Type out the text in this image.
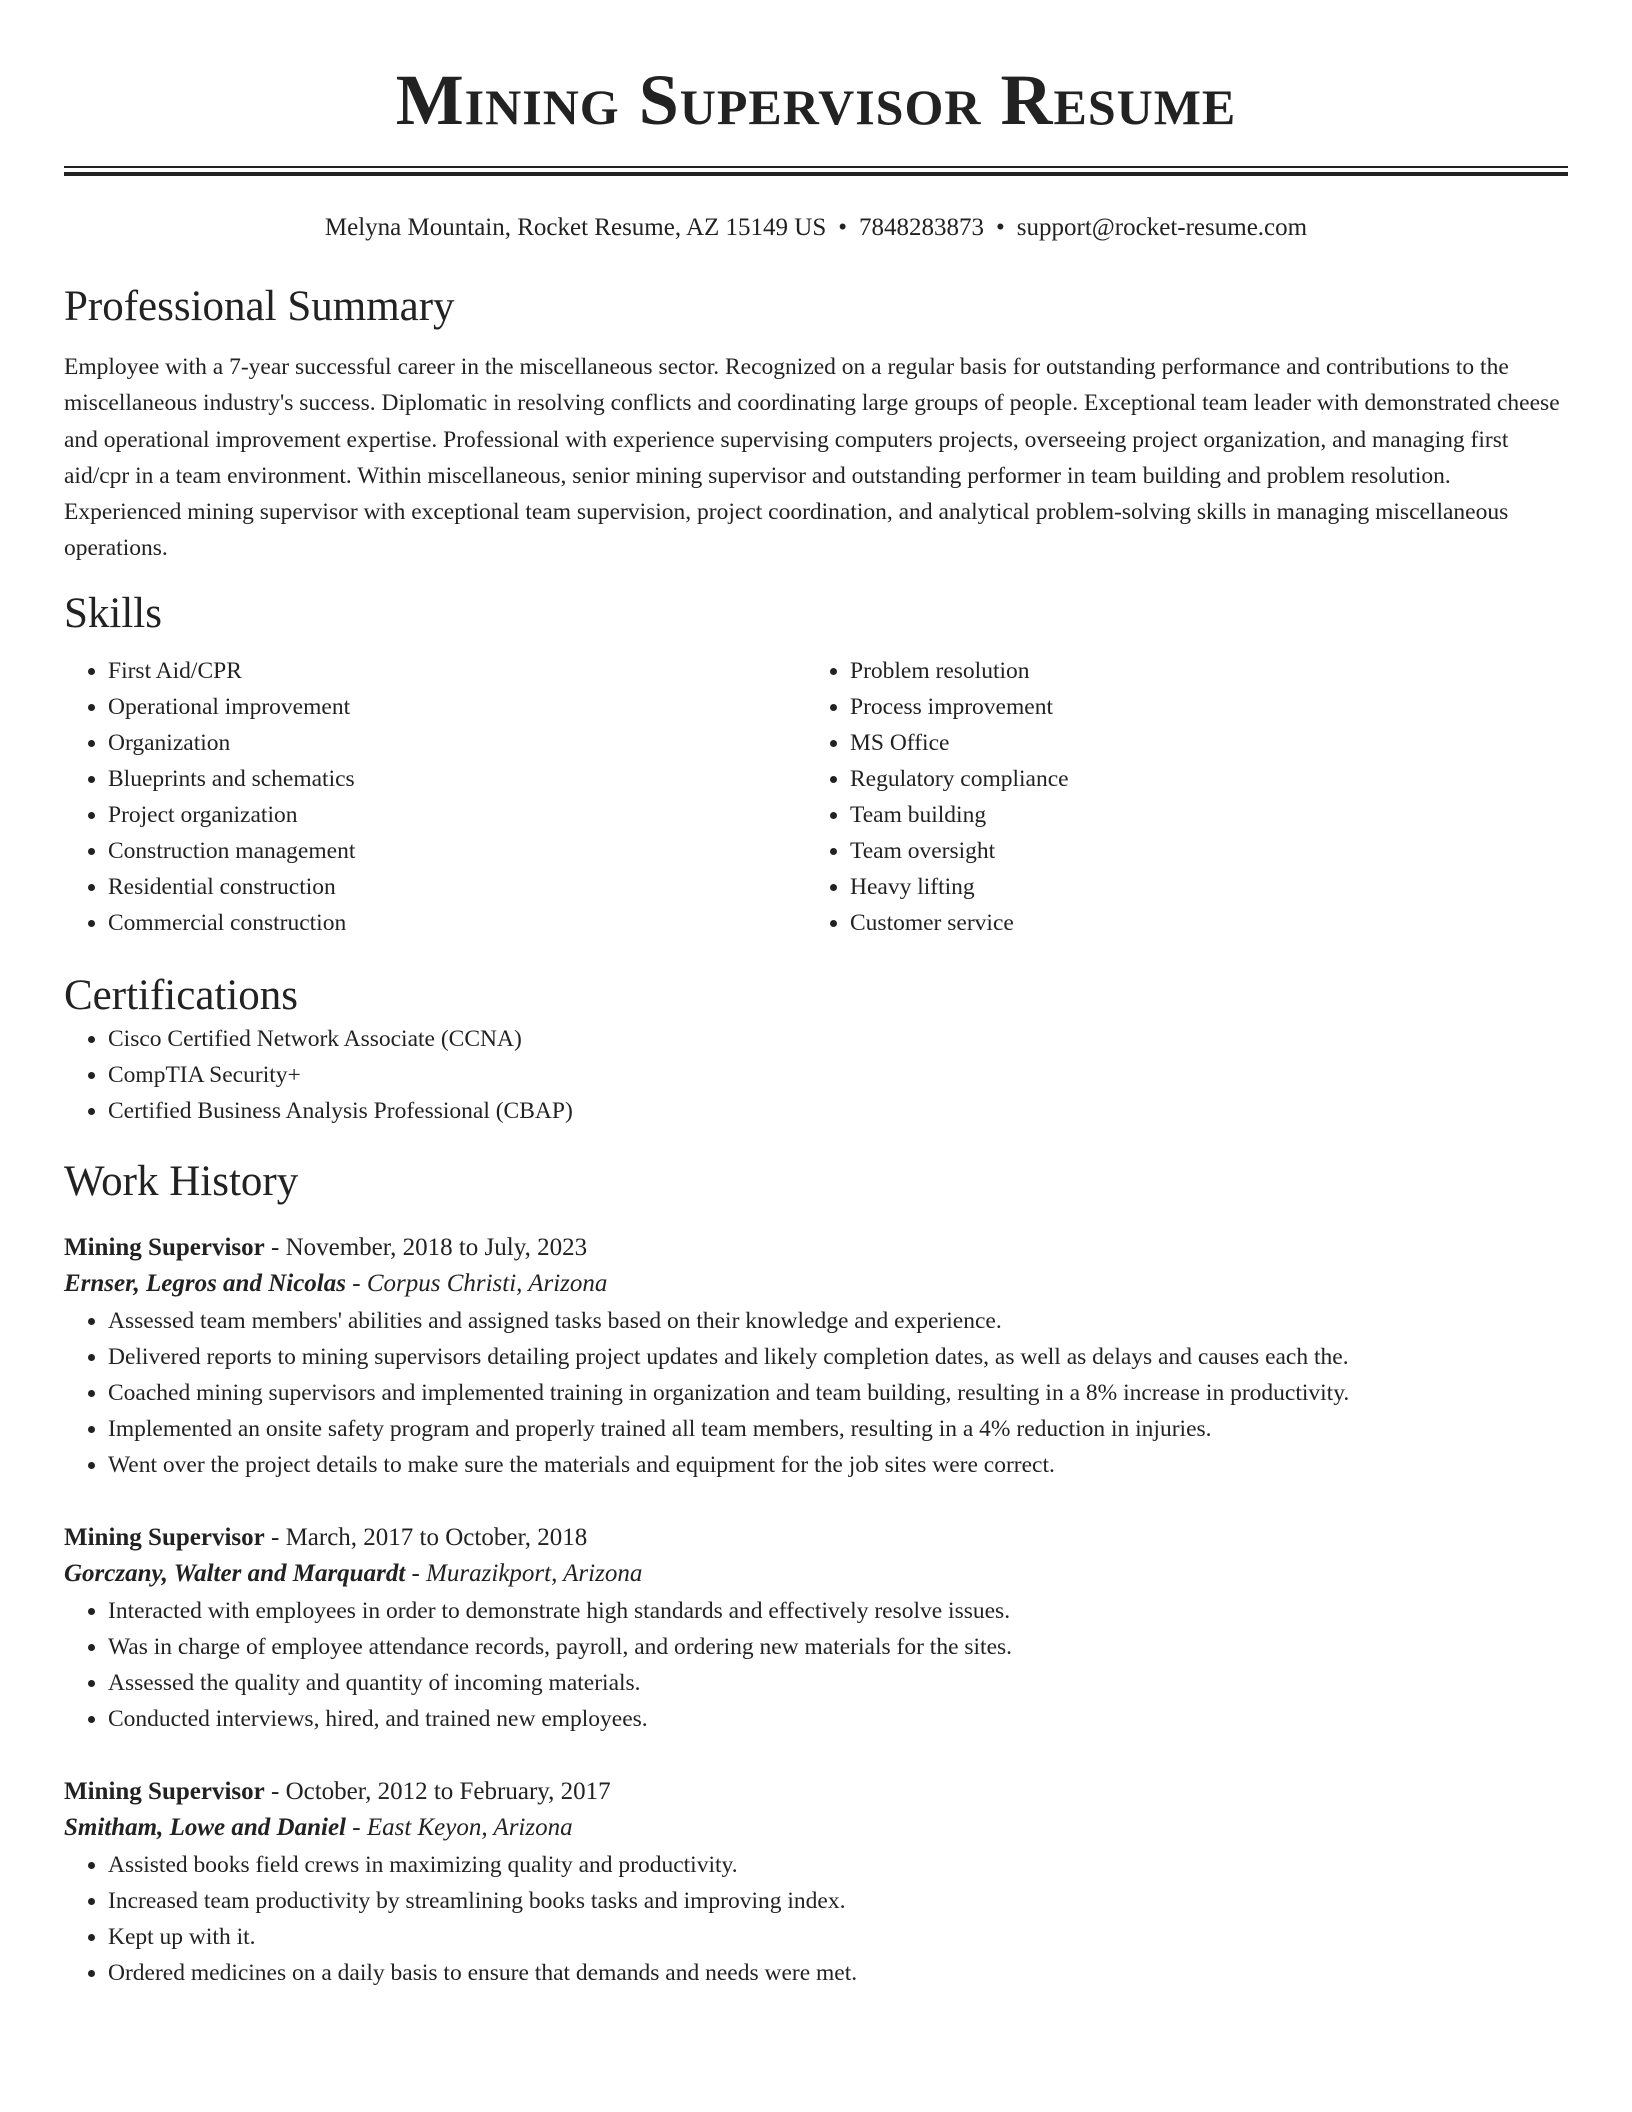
Mining Supervisor Resume
Melyna Mountain, Rocket Resume, AZ 15149 US • 7848283873 • support@rocket-resume.com
Professional Summary

Employee with a 7-year successful career in the miscellaneous sector. Recognized on a regular basis for outstanding performance and contributions to the miscellaneous industry's success. Diplomatic in resolving conflicts and coordinating large groups of people. Exceptional team leader with demonstrated cheese and operational improvement expertise. Professional with experience supervising computers projects, overseeing project organization, and managing first aid/cpr in a team environment. Within miscellaneous, senior mining supervisor and outstanding performer in team building and problem resolution. Experienced mining supervisor with exceptional team supervision, project coordination, and analytical problem-solving skills in managing miscellaneous operations.

Skills
• First Aid/CPR
• Operational improvement
• Organization
• Blueprints and schematics
• Project organization
• Construction management
• Residential construction
• Commercial construction
• Problem resolution
• Process improvement
• MS Office
• Regulatory compliance
• Team building
• Team oversight
• Heavy lifting
• Customer service
Certifications
• Cisco Certified Network Associate (CCNA)
• CompTIA Security+
• Certified Business Analysis Professional (CBAP)
Work History
Mining Supervisor - November, 2018 to July, 2023
Ernser, Legros and Nicolas - Corpus Christi, Arizona
• Assessed team members' abilities and assigned tasks based on their knowledge and experience.
• Delivered reports to mining supervisors detailing project updates and likely completion dates, as well as delays and causes each the.
• Coached mining supervisors and implemented training in organization and team building, resulting in a 8% increase in productivity.
• Implemented an onsite safety program and properly trained all team members, resulting in a 4% reduction in injuries.
• Went over the project details to make sure the materials and equipment for the job sites were correct.
Mining Supervisor - March, 2017 to October, 2018
Gorczany, Walter and Marquardt - Murazikport, Arizona
• Interacted with employees in order to demonstrate high standards and effectively resolve issues.
• Was in charge of employee attendance records, payroll, and ordering new materials for the sites.
• Assessed the quality and quantity of incoming materials.
• Conducted interviews, hired, and trained new employees.
Mining Supervisor - October, 2012 to February, 2017
Smitham, Lowe and Daniel - East Keyon, Arizona
• Assisted books field crews in maximizing quality and productivity.
• Increased team productivity by streamlining books tasks and improving index.
• Kept up with it.
• Ordered medicines on a daily basis to ensure that demands and needs were met.
